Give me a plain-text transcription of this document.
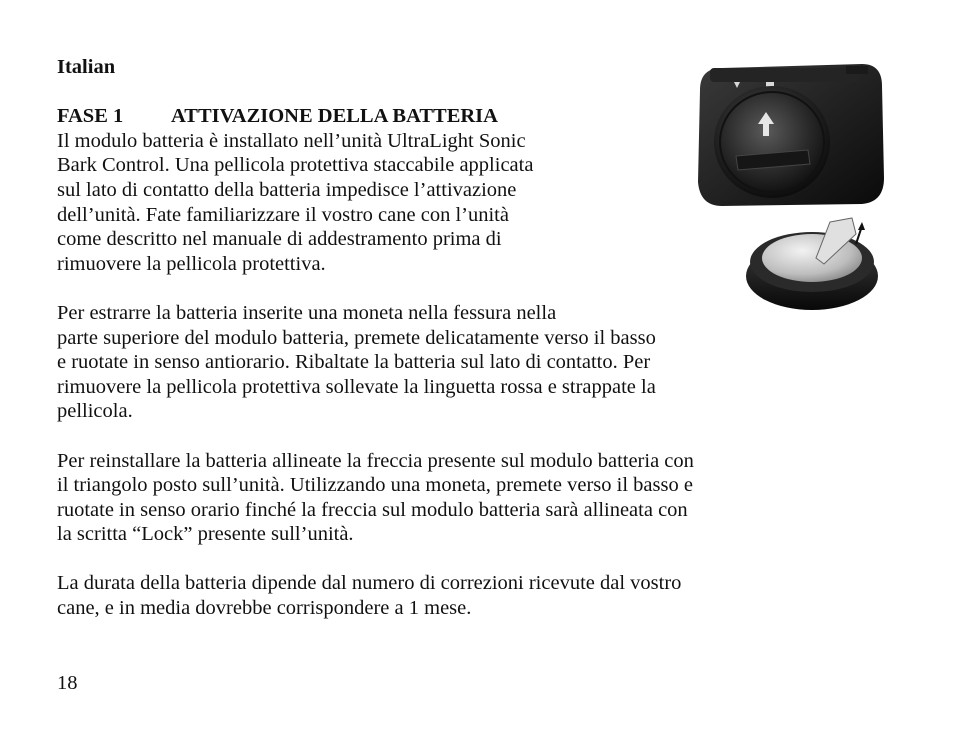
Italian
FASE 1 ATTIVAZIONE DELLA BATTERIA

Il modulo batteria è installato nell’unità UltraLight Sonic
Bark Control. Una pellicola protettiva staccabile applicata
sul lato di contatto della batteria impedisce l’attivazione
dell’unità. Fate familiarizzare il vostro cane con l’unità
come descritto nel manuale di addestramento prima di
rimuovere la pellicola protettiva.

Per estrarre la batteria inserite una moneta nella fessura nella
parte superiore del modulo batteria, premete delicatamente verso il basso
e ruotate in senso antiorario. Ribaltate la batteria sul lato di contatto. Per
rimuovere la pellicola protettiva sollevate la linguetta rossa e strappate la
pellicola.

Per reinstallare la batteria allineate la freccia presente sul modulo batteria con
il triangolo posto sull’unità. Utilizzando una moneta, premete verso il basso e
ruotate in senso orario finché la freccia sul modulo batteria sarà allineata con
la scritta “Lock” presente sull’unità.

La durata della batteria dipende dal numero di correzioni ricevute dal vostro
cane, e in media dovrebbe corrispondere a 1 mese.

18
